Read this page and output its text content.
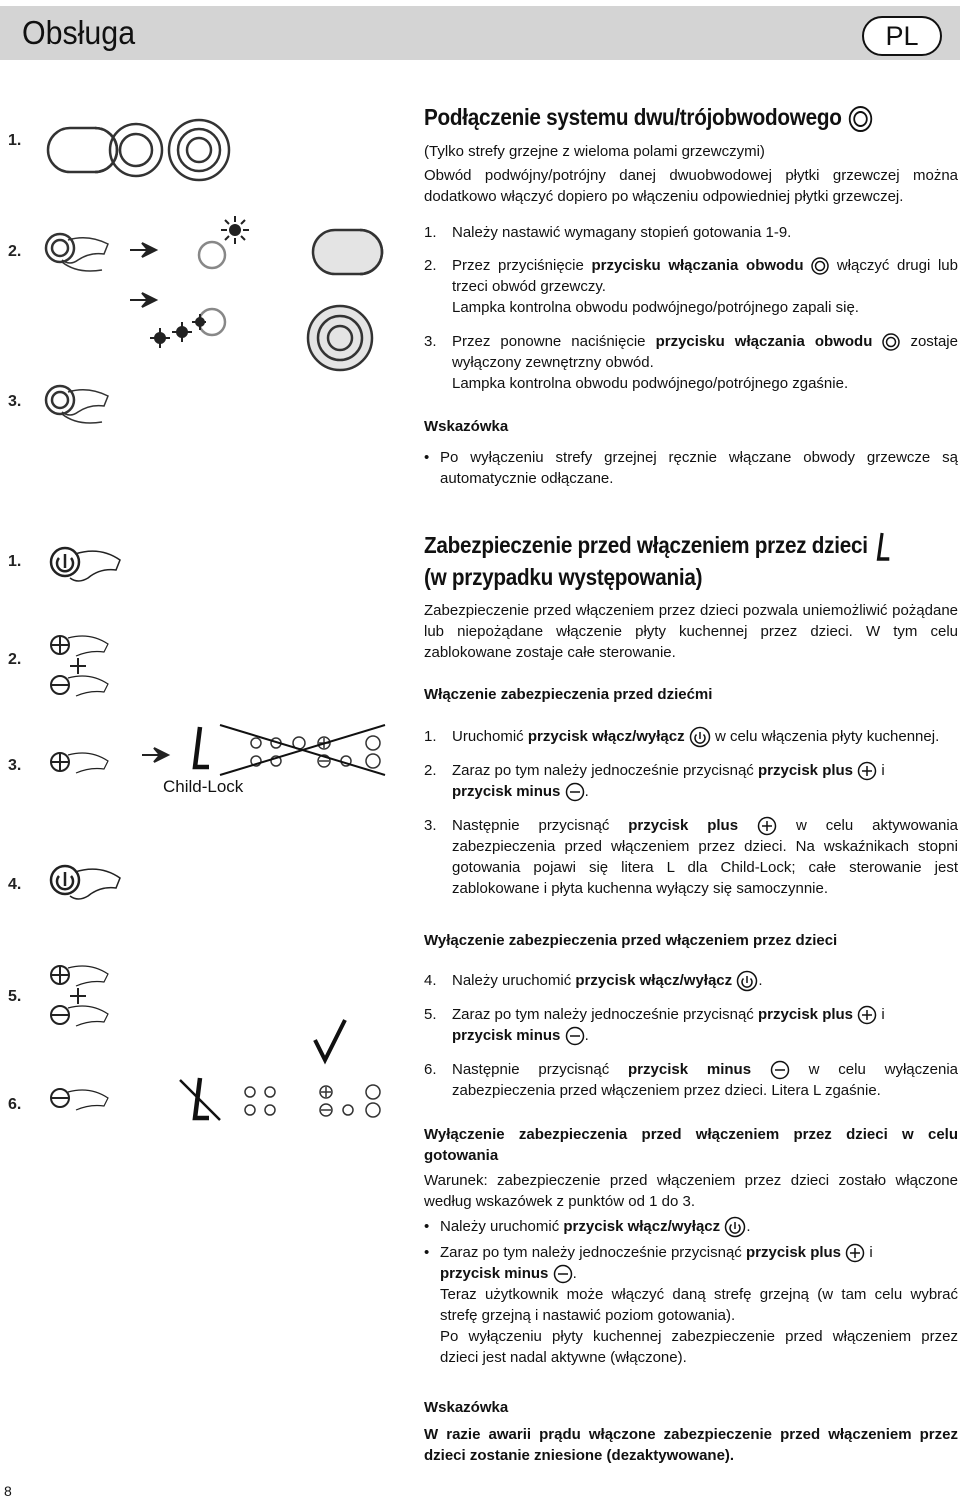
Obsługa	PL
1.
2.
3.
Podłączenie systemu dwu/trójobwodowego
(Tylko strefy grzejne z wieloma polami grzewczymi)
Obwód podwójny/potrójny danej dwuobwodowej płytki grzewczej można dodatkowo włączyć dopiero po włączeniu odpowiedniej płytki grzewczej.
1. Należy nastawić wymagany stopień gotowania 1-9.
2. Przez przyciśnięcie przycisku włączania obwodu  włączyć drugi lub trzeci obwód grzewczy.
Lampka kontrolna obwodu podwójnego/potrójnego zapali się.
3. Przez ponowne naciśnięcie przycisku włączania obwodu  zostaje wyłączony zewnętrzny obwód.
Lampka kontrolna obwodu podwójnego/potrójnego zgaśnie.
Wskazówka
• Po wyłączeniu strefy grzejnej ręcznie włączane obwody grzewcze są automatycznie odłączane.
1.
2.
3.
4.
5.
6.
Child-Lock
Zabezpieczenie przed włączeniem przez dzieci
(w przypadku występowania)
Zabezpieczenie przed włączeniem przez dzieci pozwala uniemożliwić pożądane lub niepożądane włączenie płyty kuchennej przez dzieci. W tym celu zablokowane zostaje całe sterowanie.
Włączenie zabezpieczenia przed dziećmi
1. Uruchomić przycisk włącz/wyłącz  w celu włączenia płyty kuchennej.
2. Zaraz po tym należy jednocześnie przycisnąć przycisk plus  i
przycisk minus .
3. Następnie przycisnąć przycisk plus	w celu aktywowania zabezpieczenia przed włączeniem przez dzieci. Na wskaźnikach stopni gotowania pojawi się litera L dla Child-Lock; całe sterowanie jest zablokowane i płyta kuchenna wyłączy się samoczynnie.
Wyłączenie zabezpieczenia przed włączeniem przez dzieci
4. Należy uruchomić przycisk włącz/wyłącz .
5. Zaraz po tym należy jednocześnie przycisnąć przycisk plus  i
przycisk minus .
6. Następnie przycisnąć przycisk minus	w celu wyłączenia zabezpieczenia przed włączeniem przez dzieci. Litera L zgaśnie.
Wyłączenie zabezpieczenia przed włączeniem przez dzieci w celu gotowania
Warunek: zabezpieczenie przed włączeniem przez dzieci zostało włączone według wskazówek z punktów od 1 do 3.
• Należy uruchomić przycisk włącz/wyłącz .
• Zaraz po tym należy jednocześnie przycisnąć przycisk plus  i
przycisk minus .
Teraz użytkownik może włączyć daną strefę grzejną (w tam celu wybrać strefę grzejną i nastawić poziom gotowania).
Po wyłączeniu płyty kuchennej zabezpieczenie przed włączeniem przez dzieci jest nadal aktywne (włączone).
Wskazówka
W razie awarii prądu włączone zabezpieczenie przed włączeniem przez dzieci zostanie zniesione (dezaktywowane).
8
